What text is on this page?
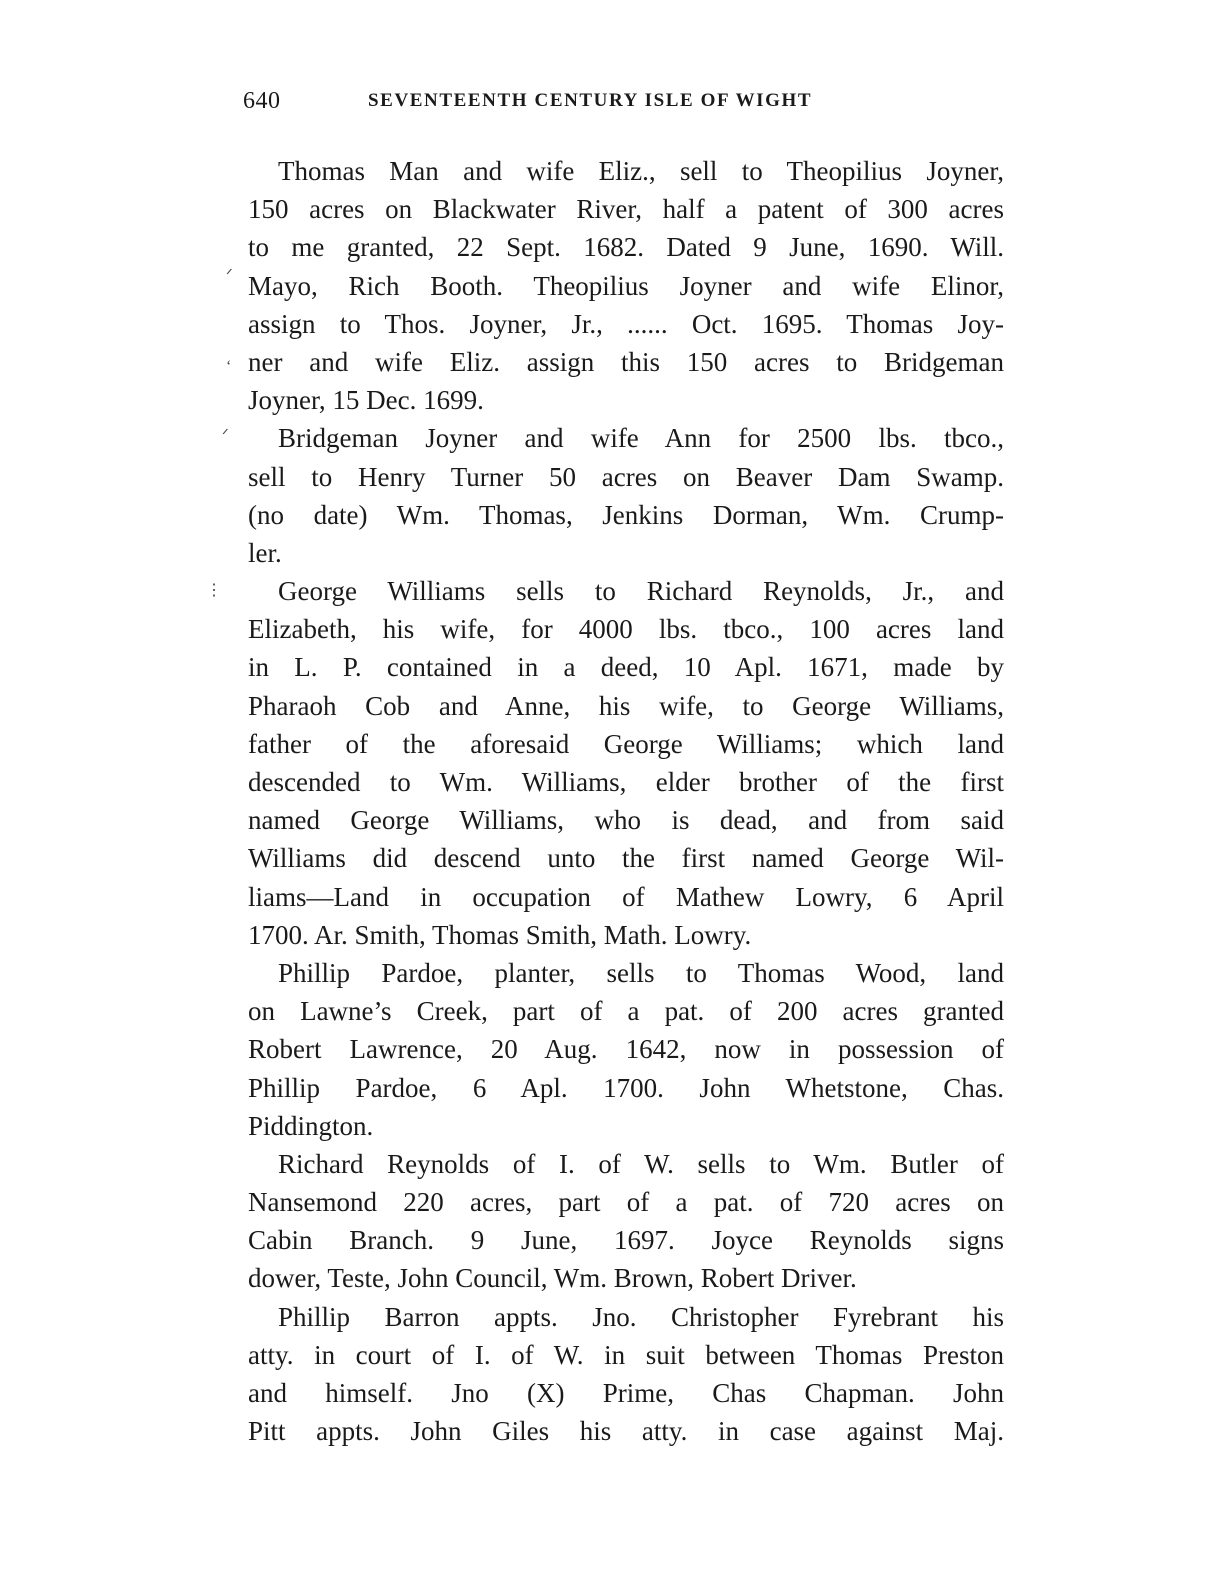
640	SEVENTEENTH CENTURY ISLE OF WIGHT
ᐟ
‘
ᐟ
⋮
Thomas Man and wife Eliz., sell to Theopilius Joyner,
150 acres on Blackwater River, half a patent of 300 acres
to me granted, 22 Sept. 1682. Dated 9 June, 1690. Will.
Mayo, Rich Booth. Theopilius Joyner and wife Elinor,
assign to Thos. Joyner, Jr., ...... Oct. 1695. Thomas Joy-
ner and wife Eliz. assign this 150 acres to Bridgeman
Joyner, 15 Dec. 1699.
Bridgeman Joyner and wife Ann for 2500 lbs. tbco.,
sell to Henry Turner 50 acres on Beaver Dam Swamp.
(no date) Wm. Thomas, Jenkins Dorman, Wm. Crump-
ler.
George Williams sells to Richard Reynolds, Jr., and
Elizabeth, his wife, for 4000 lbs. tbco., 100 acres land
in L. P. contained in a deed, 10 Apl. 1671, made by
Pharaoh Cob and Anne, his wife, to George Williams,
father of the aforesaid George Williams; which land
descended to Wm. Williams, elder brother of the first
named George Williams, who is dead, and from said
Williams did descend unto the first named George Wil-
liams—Land in occupation of Mathew Lowry, 6 April
1700. Ar. Smith, Thomas Smith, Math. Lowry.
Phillip Pardoe, planter, sells to Thomas Wood, land
on Lawne’s Creek, part of a pat. of 200 acres granted
Robert Lawrence, 20 Aug. 1642, now in possession of
Phillip Pardoe, 6 Apl. 1700. John Whetstone, Chas.
Piddington.
Richard Reynolds of I. of W. sells to Wm. Butler of
Nansemond 220 acres, part of a pat. of 720 acres on
Cabin Branch. 9 June, 1697. Joyce Reynolds signs
dower, Teste, John Council, Wm. Brown, Robert Driver.
Phillip Barron appts. Jno. Christopher Fyrebrant his
atty. in court of I. of W. in suit between Thomas Preston
and himself. Jno (X) Prime, Chas Chapman. John
Pitt appts. John Giles his atty. in case against Maj.
